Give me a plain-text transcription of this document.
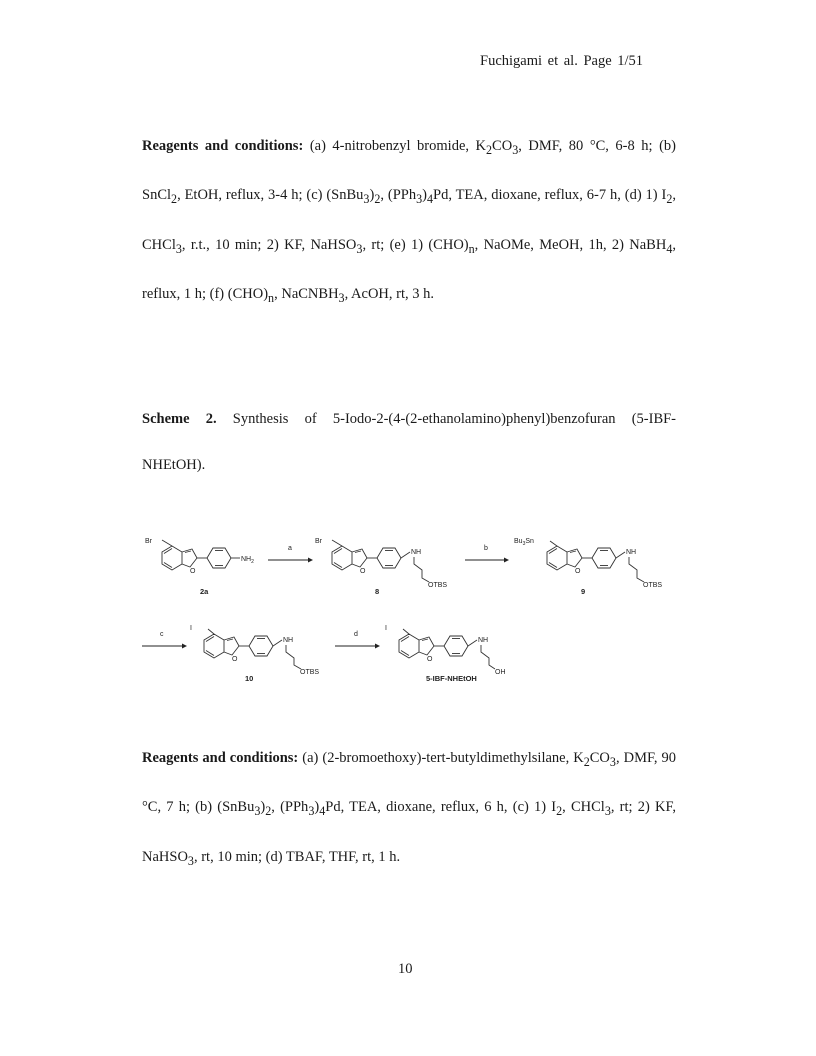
Fuchigami et al. Page 1/51
Reagents and conditions: (a) 4-nitrobenzyl bromide, $K_2CO_3$, DMF, 80 °C, 6-8 h; (b) SnCl$_2$, EtOH, reflux, 3-4 h; (c) $(SnBu_3)_2$, $(PPh_3)_4Pd$, TEA, dioxane, reflux, 6-7 h, (d) 1) $I_2$, CHCl$_3$, r.t., 10 min; 2) KF, NaHSO$_3$, rt; (e) 1) $(CHO)_n$, NaOMe, MeOH, 1h, 2) NaBH$_4$, reflux, 1 h; (f) $(CHO)_n$, NaCNBH$_3$, AcOH, rt, 3 h.
Scheme 2. Synthesis of 5-Iodo-2-(4-(2-ethanolamino)phenyl)benzofuran (5-IBF- NHEtOH).
Br
O
$NH_2$
2a
a
Br
O
NH
OTBS
8
b
$Bu_3Sn$
O
NH
OTBS
9
c
I
O
NH
OTBS
10
d
I
O
NH
OH
5-IBF-NHEtOH
Reagents and conditions: (a) (2-bromoethoxy)-tert-butyldimethylsilane, $K_2CO_3$, DMF, 90 °C, 7 h; (b) $(SnBu_3)_2$, $(PPh_3)_4Pd$, TEA, dioxane, reflux, 6 h, (c) 1) $I_2$, CHCl$_3$, rt; 2) KF, NaHSO$_3$, rt, 10 min; (d) TBAF, THF, rt, 1 h.
10
